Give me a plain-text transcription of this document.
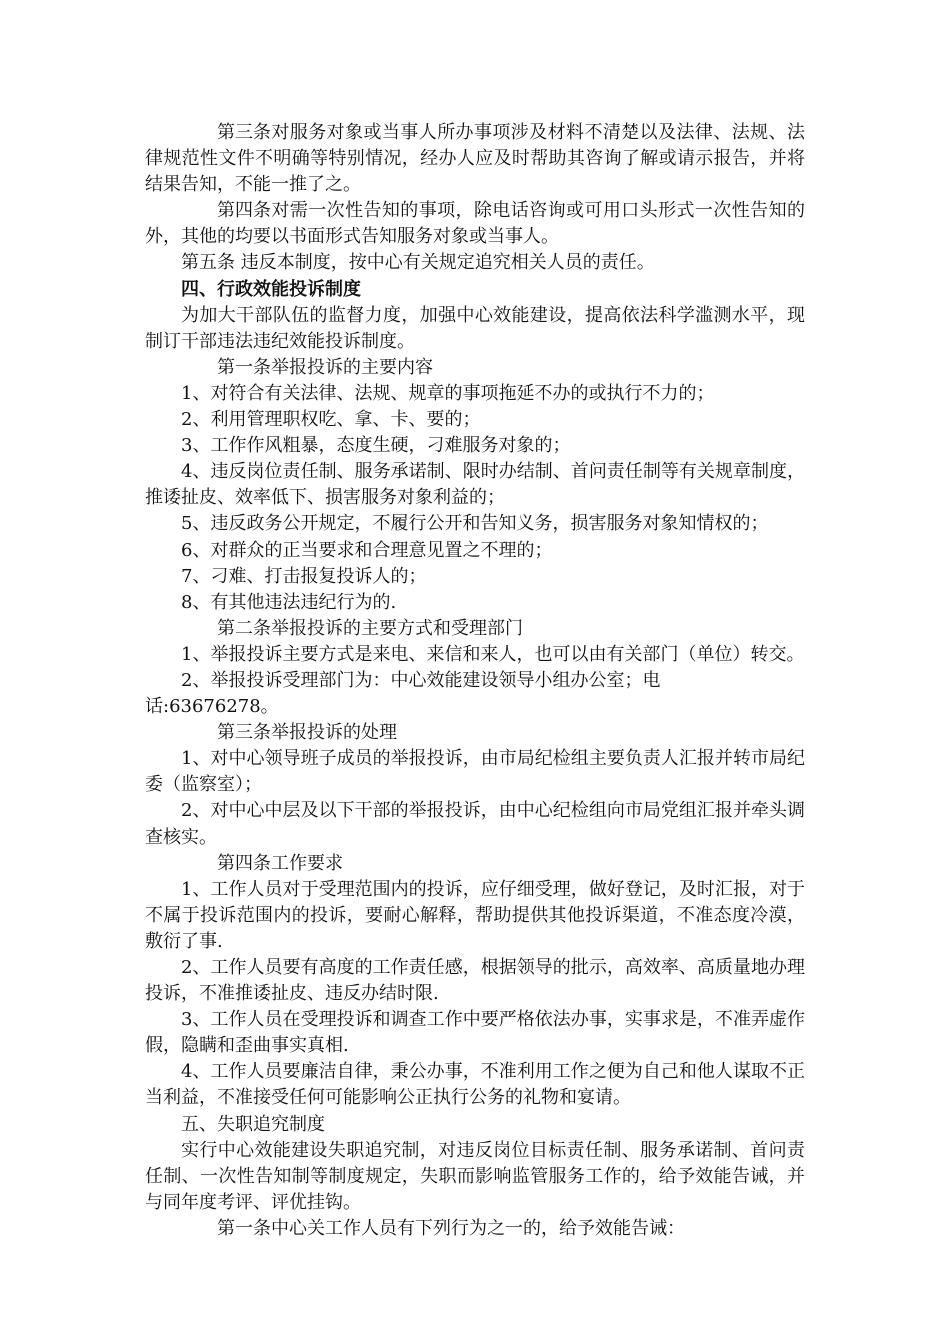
第三条对服务对象或当事人所办事项涉及材料不清楚以及法律、法规、法律规范性文件不明确等特别情况，经办人应及时帮助其咨询了解或请示报告，并将结果告知，不能一推了之。

第四条对需一次性告知的事项，除电话咨询或可用口头形式一次性告知的外，其他的均要以书面形式告知服务对象或当事人。

第五条 违反本制度，按中心有关规定追究相关人员的责任。

四、行政效能投诉制度

为加大干部队伍的监督力度，加强中心效能建设，提高依法科学滥测水平，现制订干部违法违纪效能投诉制度。

第一条举报投诉的主要内容

1、对符合有关法律、法规、规章的事项拖延不办的或执行不力的；

2、利用管理职权吃、拿、卡、要的；

3、工作作风粗暴，态度生硬，刁难服务对象的；

4、违反岗位责任制、服务承诺制、限时办结制、首问责任制等有关规章制度，推诿扯皮、效率低下、损害服务对象利益的；

5、违反政务公开规定，不履行公开和告知义务，损害服务对象知情权的；

6、对群众的正当要求和合理意见置之不理的；

7、刁难、打击报复投诉人的；

8、有其他违法违纪行为的.

第二条举报投诉的主要方式和受理部门

1、举报投诉主要方式是来电、来信和来人，也可以由有关部门（单位）转交。

2、举报投诉受理部门为：中心效能建设领导小组办公室；电

话:63676278。

第三条举报投诉的处理

1、对中心领导班子成员的举报投诉，由市局纪检组主要负责人汇报并转市局纪委（监察室）；

2、对中心中层及以下干部的举报投诉，由中心纪检组向市局党组汇报并牵头调查核实。

第四条工作要求

1、工作人员对于受理范围内的投诉，应仔细受理，做好登记，及时汇报，对于不属于投诉范围内的投诉，要耐心解释，帮助提供其他投诉渠道，不准态度冷漠，敷衍了事.

2、工作人员要有高度的工作责任感，根据领导的批示，高效率、高质量地办理投诉，不准推诿扯皮、违反办结时限.

3、工作人员在受理投诉和调查工作中要严格依法办事，实事求是，不准弄虚作假，隐瞒和歪曲事实真相.

4、工作人员要廉洁自律，秉公办事，不准利用工作之便为自己和他人谋取不正当利益，不准接受任何可能影响公正执行公务的礼物和宴请。

五、失职追究制度

实行中心效能建设失职追究制，对违反岗位目标责任制、服务承诺制、首问责任制、一次性告知制等制度规定，失职而影响监管服务工作的，给予效能告诫，并与同年度考评、评优挂钩。

第一条中心关工作人员有下列行为之一的，给予效能告诫：
